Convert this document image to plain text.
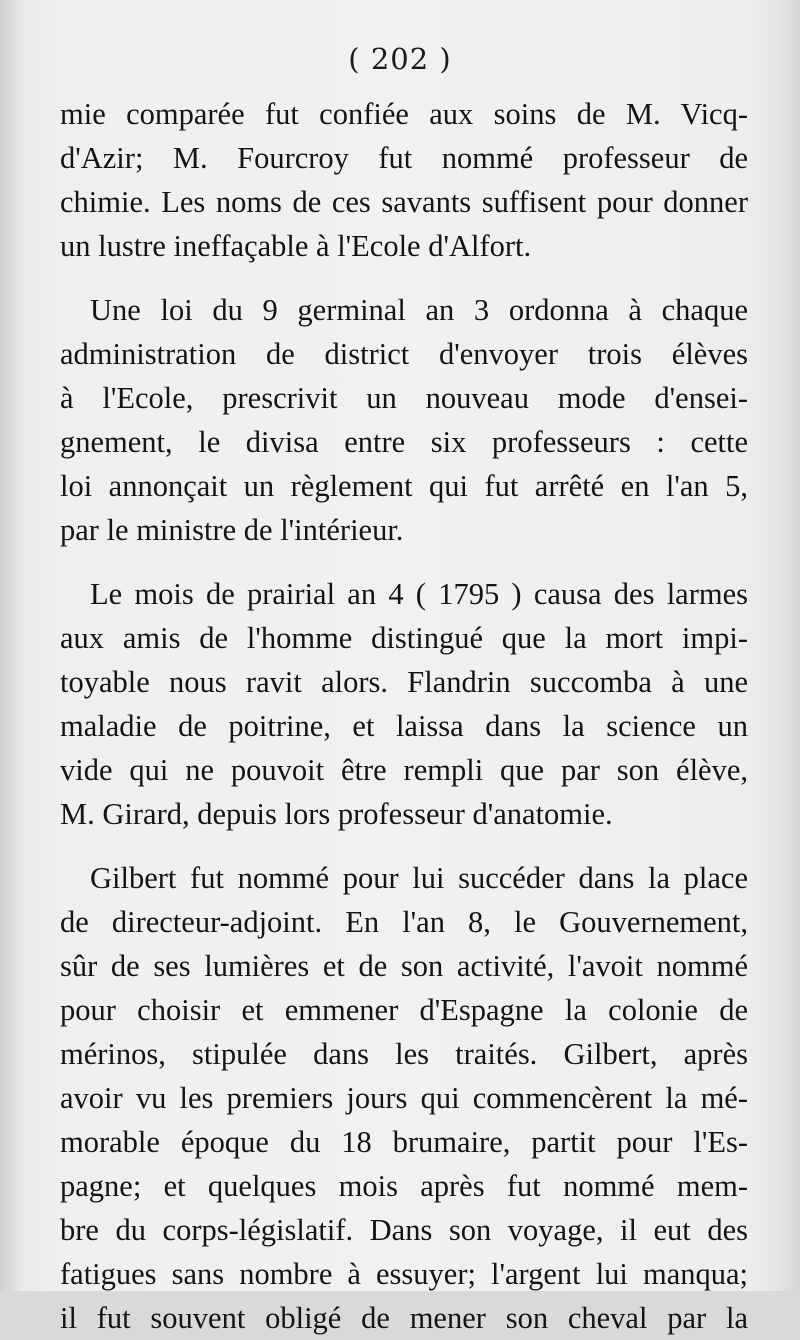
( 202 )

mie comparée fut confiée aux soins de M. Vicq-
d'Azir; M. Fourcroy fut nommé professeur de
chimie. Les noms de ces savants suffisent pour donner
un lustre ineffaçable à l'Ecole d'Alfort.

Une loi du 9 germinal an 3 ordonna à chaque
administration de district d'envoyer trois élèves
à l'Ecole, prescrivit un nouveau mode d'ensei-
gnement, le divisa entre six professeurs : cette
loi annonçait un règlement qui fut arrêté en l'an 5,
par le ministre de l'intérieur.

Le mois de prairial an 4 ( 1795 ) causa des larmes
aux amis de l'homme distingué que la mort impi-
toyable nous ravit alors. Flandrin succomba à une
maladie de poitrine, et laissa dans la science un
vide qui ne pouvoit être rempli que par son élève,
M. Girard, depuis lors professeur d'anatomie.

Gilbert fut nommé pour lui succéder dans la place
de directeur-adjoint. En l'an 8, le Gouvernement,
sûr de ses lumières et de son activité, l'avoit nommé
pour choisir et emmener d'Espagne la colonie de
mérinos, stipulée dans les traités. Gilbert, après
avoir vu les premiers jours qui commencèrent la mé-
morable époque du 18 brumaire, partit pour l'Es-
pagne; et quelques mois après fut nommé mem-
bre du corps-législatif. Dans son voyage, il eut des
fatigues sans nombre à essuyer; l'argent lui manqua;
il fut souvent obligé de mener son cheval par la
